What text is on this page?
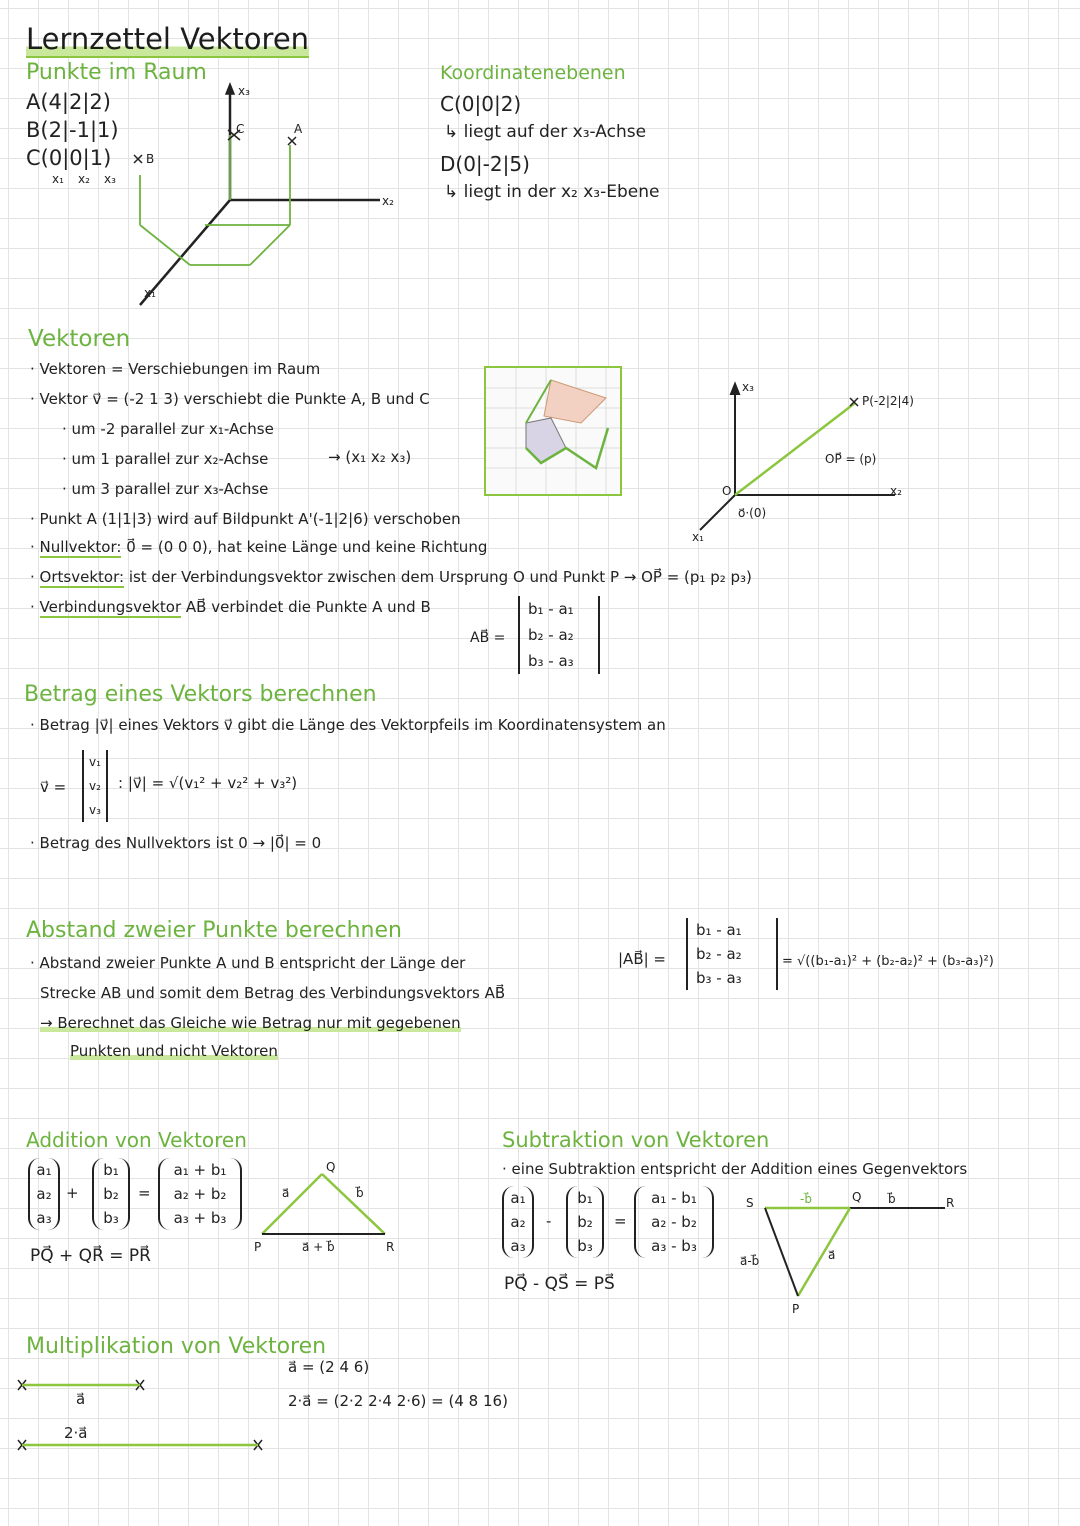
Lernzettel Vektoren
Punkte im Raum
A(4|2|2)
B(2|-1|1)
C(0|0|1)
x₁ x₂ x₃
x₃
x₂
x₁
C	A
B
Koordinatenebenen
C(0|0|2)
↳ liegt auf der x₃-Achse
D(0|-2|5)
↳ liegt in der x₂ x₃-Ebene
Vektoren
· Vektoren = Verschiebungen im Raum
· Vektor v⃗ = (-2 1 3) verschiebt die Punkte A, B und C
· um -2 parallel zur x₁-Achse
· um 1 parallel zur x₂-Achse
· um 3 parallel zur x₃-Achse
→ (x₁ x₂ x₃)
· Punkt A (1|1|3) wird auf Bildpunkt A'(-1|2|6) verschoben
· Nullvektor: 0⃗ = (0 0 0), hat keine Länge und keine Richtung
· Ortsvektor: ist der Verbindungsvektor zwischen dem Ursprung O und Punkt P → OP⃗ = (p₁ p₂ p₃)
· Verbindungsvektor AB⃗ verbindet die Punkte A und B
AB⃗ =
b₁ - a₁
b₂ - a₂
b₃ - a₃
x₃
x₂
x₁
P(-2|2|4)
OP⃗ = (p)
O
o⃗·(0)
Betrag eines Vektors berechnen
· Betrag |v⃗| eines Vektors v⃗ gibt die Länge des Vektorpfeils im Koordinatensystem an
v⃗ =
v₁
v₂
v₃
: |v⃗| = √(v₁² + v₂² + v₃²)
· Betrag des Nullvektors ist 0 → |0⃗| = 0
Abstand zweier Punkte berechnen
· Abstand zweier Punkte A und B entspricht der Länge der
Strecke AB und somit dem Betrag des Verbindungsvektors AB⃗
→ Berechnet das Gleiche wie Betrag nur mit gegebenen
Punkten und nicht Vektoren
|AB⃗| =
b₁ - a₁
b₂ - a₂
b₃ - a₃
= √((b₁-a₁)² + (b₂-a₂)² + (b₃-a₃)²)
Addition von Vektoren
a₁
a₂
a₃
+
b₁
b₂
b₃
=
a₁ + b₁
a₂ + b₂
a₃ + b₃
PQ⃗ + QR⃗ = PR⃗	P
Q
R
a⃗	b⃗
a⃗ + b⃗
Subtraktion von Vektoren
· eine Subtraktion entspricht der Addition eines Gegenvektors
a₁
a₂
a₃
-
b₁
b₂
b₃
=
a₁ - b₁
a₂ - b₂
a₃ - b₃
PQ⃗ - QS⃗ = PS⃗
S	Q	R
P
-b⃗	b⃗
a⃗
a⃗-b⃗
Multiplikation von Vektoren
a⃗
2·a⃗
a⃗ = (2 4 6)
2·a⃗ = (2·2 2·4 2·6) = (4 8 16)
